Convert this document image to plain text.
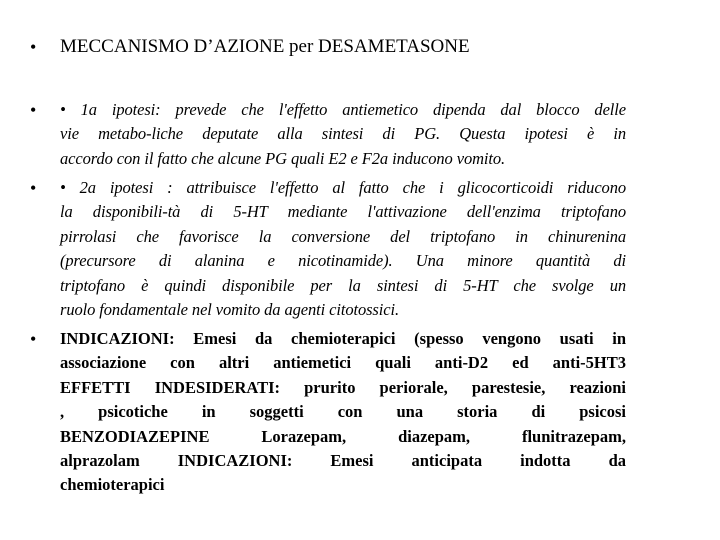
• MECCANISMO D’AZIONE per DESAMETASONE
• • 1a ipotesi: prevede che l'effetto antiemetico dipenda dal blocco delle
vie metabo-liche deputate alla sintesi di PG. Questa ipotesi è in
accordo con il fatto che alcune PG quali E2 e F2a inducono vomito.
• • 2a ipotesi : attribuisce l'effetto al fatto che i glicocorticoidi riducono
la disponibili-tà di 5-HT mediante l'attivazione dell'enzima triptofano
pirrolasi che favorisce la conversione del triptofano in chinurenina
(precursore di alanina e nicotinamide). Una minore quantità di
triptofano è quindi disponibile per la sintesi di 5-HT che svolge un
ruolo fondamentale nel vomito da agenti citotossici.
• INDICAZIONI: Emesi da chemioterapici (spesso vengono usati in
associazione con altri antiemetici quali anti-D2 ed anti-5HT3
EFFETTI INDESIDERATI: prurito periorale, parestesie, reazioni
, psicotiche in soggetti con una storia di psicosi
BENZODIAZEPINE Lorazepam, diazepam, flunitrazepam,
alprazolam INDICAZIONI: Emesi anticipata indotta da
chemioterapici
